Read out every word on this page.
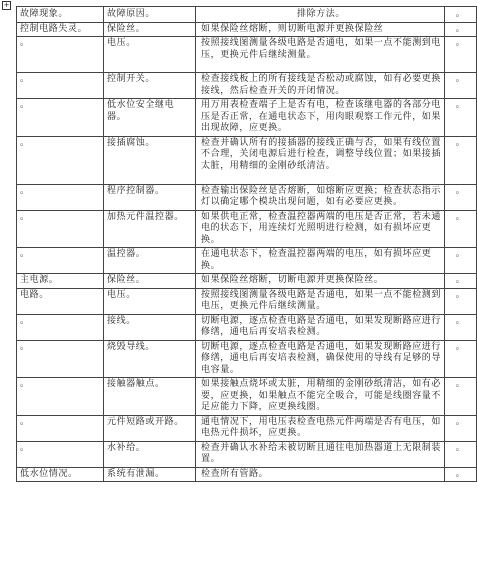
+
故障现象。	故障原因。	排除方法。	。
控制电路失灵。	保险丝。	如果保险丝熔断，则切断电源并更换保险丝	。
。	电压。	按照接线图测量各级电路是否通电，如果一点不能测到电压，更换元件后继续测量。	。
。	控制开关。	检查接线板上的所有接线是否松动或腐蚀，如有必要更换接线，然后检查开关的开闭情况。	。
。	低水位安全继电器。	用万用表检查端子上是否有电，检查该继电器的各部分电压是否正常，在通电状态下，用肉眼观察工作元件，如果出现故障，应更换。	。
。	接插腐蚀。	检查并确认所有的接插器的接线正确与否，如果有线位置不合理，关闭电源后进行检查，调整导线位置；如果接插太脏，用精细的金刚砂纸清洁。	。
。	程序控制器。	检查输出保险丝是否熔断，如熔断应更换；检查状态指示灯以确定哪个模块出现问题，如有必要应更换。	。
。	加热元件温控器。	如果供电正常，检查温控器两端的电压是否正常，若未通电的状态下，用连续灯光照明进行检测，如有损坏应更换。	。
。	温控器。	在通电状态下，检查温控器两端的电压，如有损坏应更换。	。
主电源。	保险丝。	如果保险丝熔断，切断电源并更换保险丝。	。
电路。	电压。	按照接线图测量各级电路是否通电，如果一点不能检测到电压，更换元件后继续测量。	。
。	接线。	切断电源，逐点检查电路是否通电，如果发现断路应进行修缮，通电后再安培表检测。	。
。	烧毁导线。	切断电源，逐点检查电路是否通电，如果发现断路应进行修缮，通电后再安培表检测，确保使用的导线有足够的导电容量。	。
。	接触器触点。	如果接触点烧坏或太脏，用精细的金刚砂纸清洁，如有必要，应更换，如果触点不能完全吸合，可能是线圈容量不足应能力下降，应更换线圈。	。
。	元件短路或开路。	通电情况下，用电压表检查电热元件两端是否有电压，如电热元件损坏，应更换。	。
。	水补给。	检查并确认水补给未被切断且通往电加热器道上无限制装置。	。
低水位情况。	系统有泄漏。	检查所有管路。	。
